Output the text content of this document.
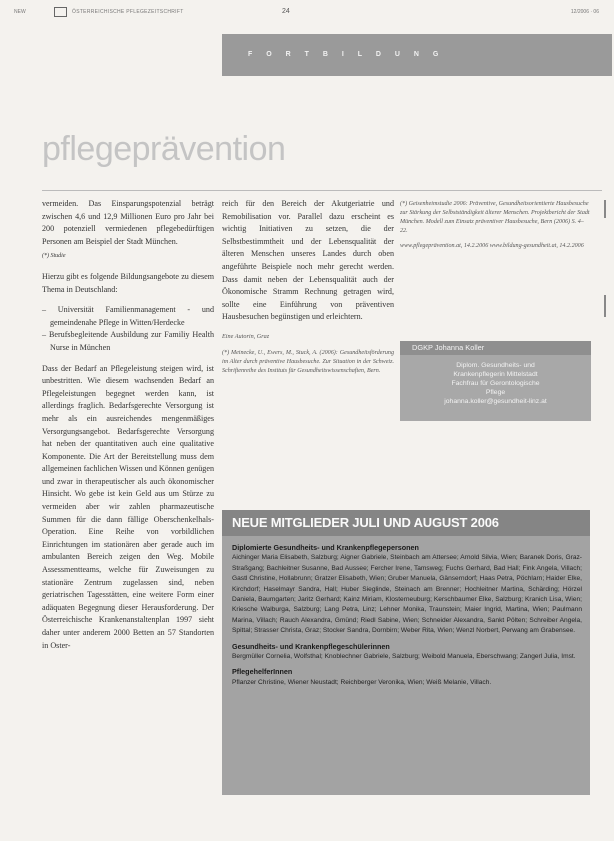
NEW	ÖSTERREICHISCHE PFLEGEZEITSCHRIFT	24	12/2006 · 06
F O R T B I L D U N G
pflegeprävention

vermeiden. Das Einsparungspotenzial beträgt zwischen 4,6 und 12,9 Millionen Euro pro Jahr bei 200 potenziell vermiedenen pflegebedürftigen Personen am Beispiel der Stadt München.

(*) Studie

Hierzu gibt es folgende Bildungsangebote zu diesem Thema in Deutschland:

– Universität Familienmanagement - und gemeindenahe Pflege in Witten/Herdecke
– Berufsbegleitende Ausbildung zur Familiy Health Nurse in München

Dass der Bedarf an Pflegeleistung steigen wird, ist unbestritten. Wie diesem wachsenden Bedarf an Pflegeleistungen begegnet werden kann, ist allerdings fraglich. Bedarfsgerechte Versorgung ist mehr als ein ausreichendes mengenmäßiges Versorgungsangebot. Bedarfsgerechte Versorgung hat neben der quantitativen auch eine qualitative Komponente. Die Art der Bereitstellung muss dem allgemeinen fachlichen Wissen und Können genügen und zwar in therapeutischer als auch ökonomischer Hinsicht. Wo gebe ist kein Geld aus um Stürze zu vermeiden aber wir zahlen pharmazeutische Summen für die dann fällige Oberschenkelhals-Operation. Eine Reihe von vorbildlichen Einrichtungen im stationären aber gerade auch im ambulanten Bereich zeigen den Weg. Mobile Assessmentteams, welche für Zuweisungen zu stationäre Zentrum zugelassen sind, neben geriatrischen Tagesstätten, eine weitere Form einer adäquaten Begegnung dieser Herausforderung. Der Österreichische Krankenanstaltenplan 1997 sieht daher unter anderem 2000 Betten an 57 Standorten in Oster-

reich für den Bereich der Akutgeriatrie und Remobilisation vor. Parallel dazu erscheint es wichtig Initiativen zu setzen, die der Selbstbestimmtheit und der Lebensqualität der älteren Menschen unseres Landes durch oben angeführte Beispiele noch mehr gerecht werden. Dass damit neben der Lebensqualität auch der Ökonomische Stramm Rechnung getragen wird, sollte eine Einführung von präventiven Hausbesuchen begünstigen und erleichtern.

Eine Autorin, Graz

(*) Meinecke, U., Ewers, M., Stuck, A. (2006): Gesundheitsförderung im Alter durch präventive Hausbesuche. Zur Situation in der Schweiz. Schriftenreihe des Instituts für Gesundheitswissenschaften, Bern.

(*) Geisenheimstudie 2006: Präventive, Gesundheitsorientierte Hausbesuche zur Stärkung der Selbstständigkeit älterer Menschen. Projektbericht der Stadt München. Modell zum Einsatz präventiver Hausbesuche, Bern (2006) S. 4–22.

www.pflegeprävention.at, 14.2.2006 www.bildung-gesundheit.at, 14.2.2006

DGKP Johanna Koller
Diplom. Gesundheits- und
Krankenpflegerin Mittelstadt
Fachfrau für Gerontologische
Pflege
johanna.koller@gesundheit-linz.at
NEUE MITGLIEDER JULI UND AUGUST 2006
Diplomierte Gesundheits- und Krankenpflegepersonen

Aichinger Maria Elisabeth, Salzburg; Aigner Gabriele, Steinbach am Attersee; Arnold Silvia, Wien; Baranek Doris, Graz-Straßgang; Bachleitner Susanne, Bad Aussee; Fercher Irene, Tamsweg; Fuchs Gerhard, Bad Hall; Fink Angela, Villach; Gastl Christine, Hollabrunn; Gratzer Elisabeth, Wien; Gruber Manuela, Gänserndorf; Haas Petra, Pöchlarn; Haider Elke, Kirchdorf; Haselmayr Sandra, Hall; Huber Sieglinde, Steinach am Brenner; Hochleitner Martina, Schärding; Hörzel Daniela, Baumgarten; Jaritz Gerhard; Kainz Miriam, Klosterneuburg; Kerschbaumer Elke, Salzburg; Kranich Lisa, Wien; Kriesche Walburga, Salzburg; Lang Petra, Linz; Lehner Monika, Traunstein; Maier Ingrid, Martina, Wien; Paulmann Marina, Villach; Rauch Alexandra, Gmünd; Riedl Sabine, Wien; Schneider Alexandra, Sankt Pölten; Schreiber Angela, Spittal; Strasser Christa, Graz; Stocker Sandra, Dornbirn; Weber Rita, Wien; Wenzl Norbert, Perwang am Grabensee.

Gesundheits- und Krankenpflegeschülerinnen

Bergmüller Cornelia, Wolfsthal; Knoblechner Gabriele, Salzburg; Weibold Manuela, Eberschwang; Zangerl Julia, Imst.

PflegehelferInnen

Pflanzer Christine, Wiener Neustadt; Reichberger Veronika, Wien; Weiß Melanie, Villach.
